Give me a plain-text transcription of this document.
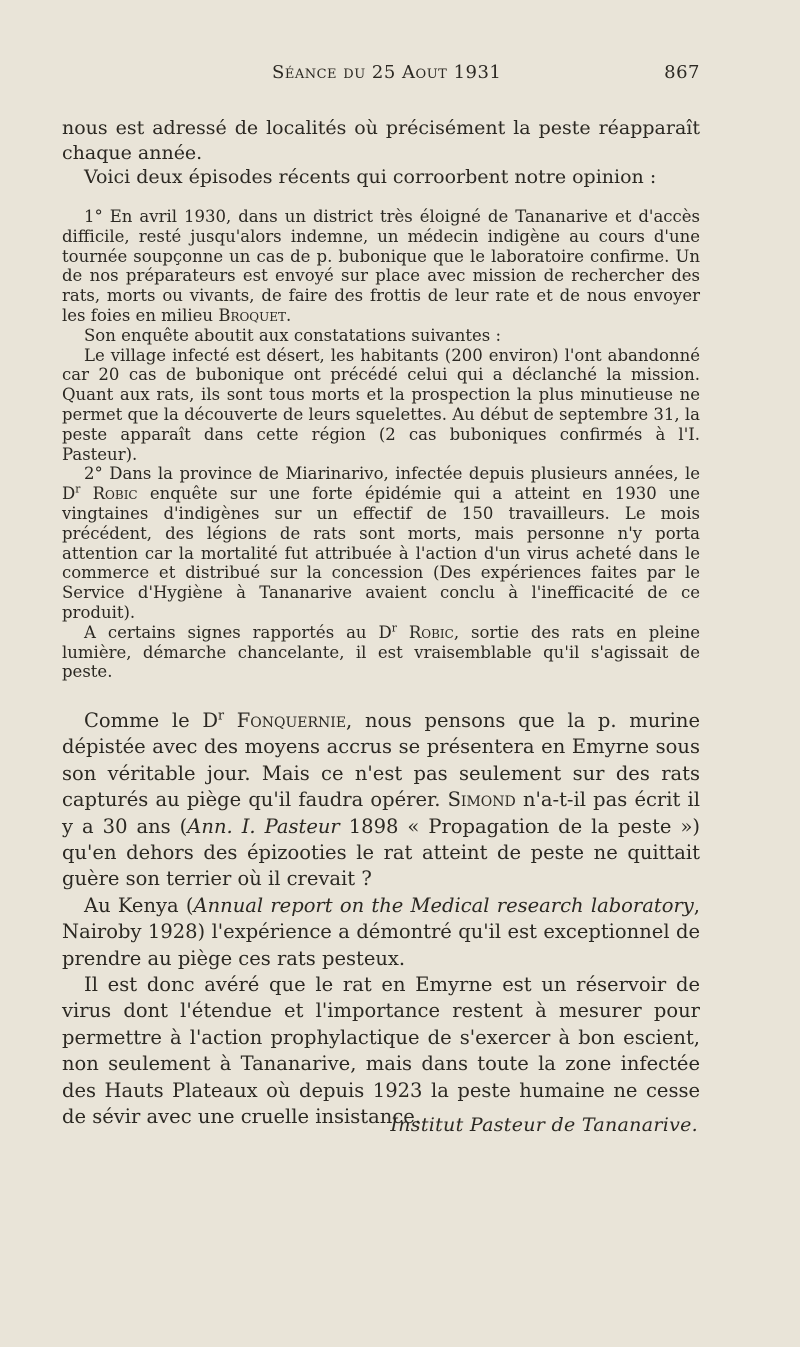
Séance du 25 Aout 1931	867

nous est adressé de localités où précisément la peste réapparaît chaque année.

Voici deux épisodes récents qui corroorbent notre opinion :

1° En avril 1930, dans un district très éloigné de Tananarive et d'accès difficile, resté jusqu'alors indemne, un médecin indigène au cours d'une tournée soupçonne un cas de p. bubonique que le laboratoire confirme. Un de nos préparateurs est envoyé sur place avec mission de rechercher des rats, morts ou vivants, de faire des frottis de leur rate et de nous envoyer les foies en milieu Broquet.

Son enquête aboutit aux constatations suivantes :

Le village infecté est désert, les habitants (200 environ) l'ont abandonné car 20 cas de bubonique ont précédé celui qui a déclanché la mission. Quant aux rats, ils sont tous morts et la prospection la plus minutieuse ne permet que la découverte de leurs squelettes. Au début de septembre 31, la peste apparaît dans cette région (2 cas buboniques confirmés à l'I. Pasteur).

2° Dans la province de Miarinarivo, infectée depuis plusieurs années, le $D^r$ Robic enquête sur une forte épidémie qui a atteint en 1930 une vingtaines d'indigènes sur un effectif de 150 travailleurs. Le mois précédent, des légions de rats sont morts, mais personne n'y porta attention car la mortalité fut attribuée à l'action d'un virus acheté dans le commerce et distribué sur la concession (Des expériences faites par le Service d'Hygiène à Tananarive avaient conclu à l'inefficacité de ce produit).

A certains signes rapportés au $D^r$ Robic, sortie des rats en pleine lumière, démarche chancelante, il est vraisemblable qu'il s'agissait de peste.

Comme le $D^r$ Fonquernie, nous pensons que la p. murine dépistée avec des moyens accrus se présentera en Emyrne sous son véritable jour. Mais ce n'est pas seulement sur des rats capturés au piège qu'il faudra opérer. Simond n'a-t-il pas écrit il y a 30 ans (Ann. I. Pasteur 1898 « Propagation de la peste ») qu'en dehors des épizooties le rat atteint de peste ne quittait guère son terrier où il crevait ?

Au Kenya (Annual report on the Medical research laboratory, Nairoby 1928) l'expérience a démontré qu'il est exceptionnel de prendre au piège ces rats pesteux.

Il est donc avéré que le rat en Emyrne est un réservoir de virus dont l'étendue et l'importance restent à mesurer pour permettre à l'action prophylactique de s'exercer à bon escient, non seulement à Tananarive, mais dans toute la zone infectée des Hauts Plateaux où depuis 1923 la peste humaine ne cesse de sévir avec une cruelle insistance.

Institut Pasteur de Tananarive.
